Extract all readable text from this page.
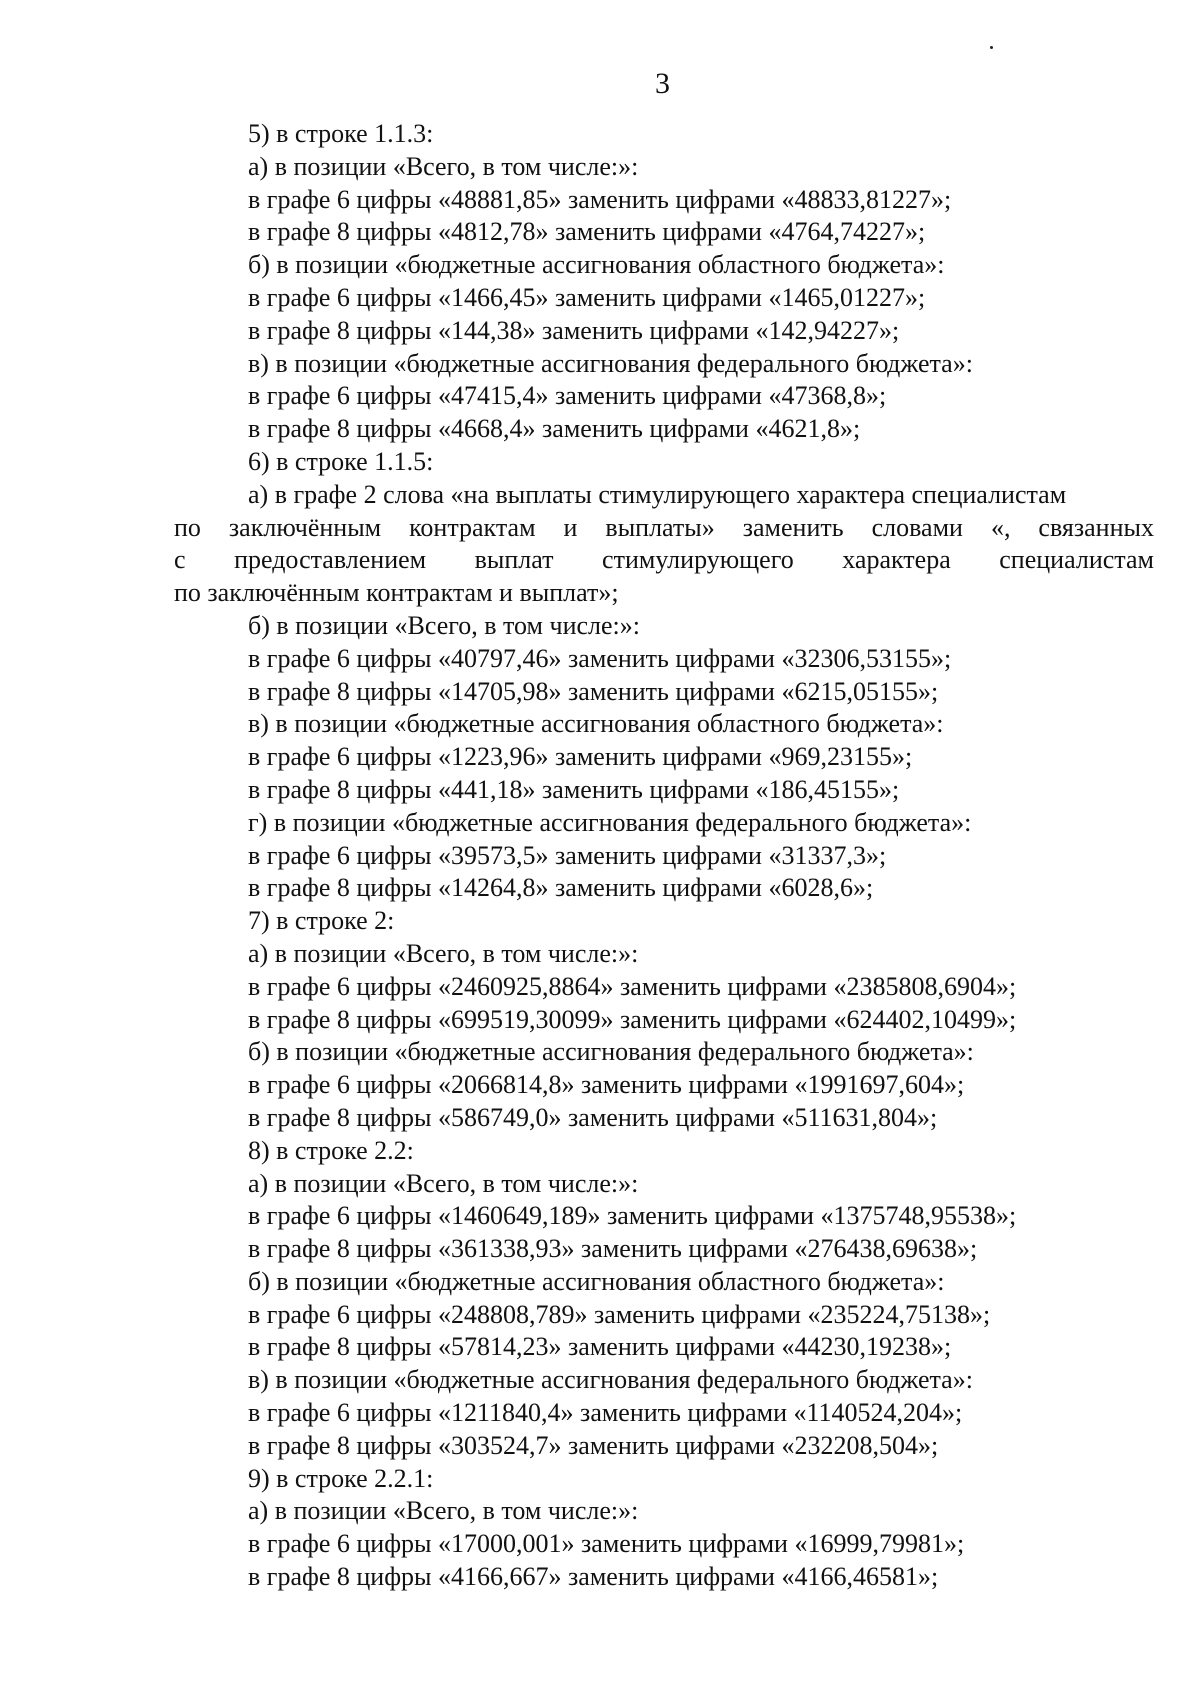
3
5) в строке 1.1.3:
а) в позиции «Всего, в том числе:»:
в графе 6 цифры «48881,85» заменить цифрами «48833,81227»;
в графе 8 цифры «4812,78» заменить цифрами «4764,74227»;
б) в позиции «бюджетные ассигнования областного бюджета»:
в графе 6 цифры «1466,45» заменить цифрами «1465,01227»;
в графе 8 цифры «144,38» заменить цифрами «142,94227»;
в) в позиции «бюджетные ассигнования федерального бюджета»:
в графе 6 цифры «47415,4» заменить цифрами «47368,8»;
в графе 8 цифры «4668,4» заменить цифрами «4621,8»;
6) в строке 1.1.5:
а) в графе 2 слова «на выплаты стимулирующего характера специалистам
по заключённым контрактам и выплаты» заменить словами «, связанных
с предоставлением выплат стимулирующего характера специалистам
по заключённым контрактам и выплат»;
б) в позиции «Всего, в том числе:»:
в графе 6 цифры «40797,46» заменить цифрами «32306,53155»;
в графе 8 цифры «14705,98» заменить цифрами «6215,05155»;
в) в позиции «бюджетные ассигнования областного бюджета»:
в графе 6 цифры «1223,96» заменить цифрами «969,23155»;
в графе 8 цифры «441,18» заменить цифрами «186,45155»;
г) в позиции «бюджетные ассигнования федерального бюджета»:
в графе 6 цифры «39573,5» заменить цифрами «31337,3»;
в графе 8 цифры «14264,8» заменить цифрами «6028,6»;
7) в строке 2:
а) в позиции «Всего, в том числе:»:
в графе 6 цифры «2460925,8864» заменить цифрами «2385808,6904»;
в графе 8 цифры «699519,30099» заменить цифрами «624402,10499»;
б) в позиции «бюджетные ассигнования федерального бюджета»:
в графе 6 цифры «2066814,8» заменить цифрами «1991697,604»;
в графе 8 цифры «586749,0» заменить цифрами «511631,804»;
8) в строке 2.2:
а) в позиции «Всего, в том числе:»:
в графе 6 цифры «1460649,189» заменить цифрами «1375748,95538»;
в графе 8 цифры «361338,93» заменить цифрами «276438,69638»;
б) в позиции «бюджетные ассигнования областного бюджета»:
в графе 6 цифры «248808,789» заменить цифрами «235224,75138»;
в графе 8 цифры «57814,23» заменить цифрами «44230,19238»;
в) в позиции «бюджетные ассигнования федерального бюджета»:
в графе 6 цифры «1211840,4» заменить цифрами «1140524,204»;
в графе 8 цифры «303524,7» заменить цифрами «232208,504»;
9) в строке 2.2.1:
а) в позиции «Всего, в том числе:»:
в графе 6 цифры «17000,001» заменить цифрами «16999,79981»;
в графе 8 цифры «4166,667» заменить цифрами «4166,46581»;
